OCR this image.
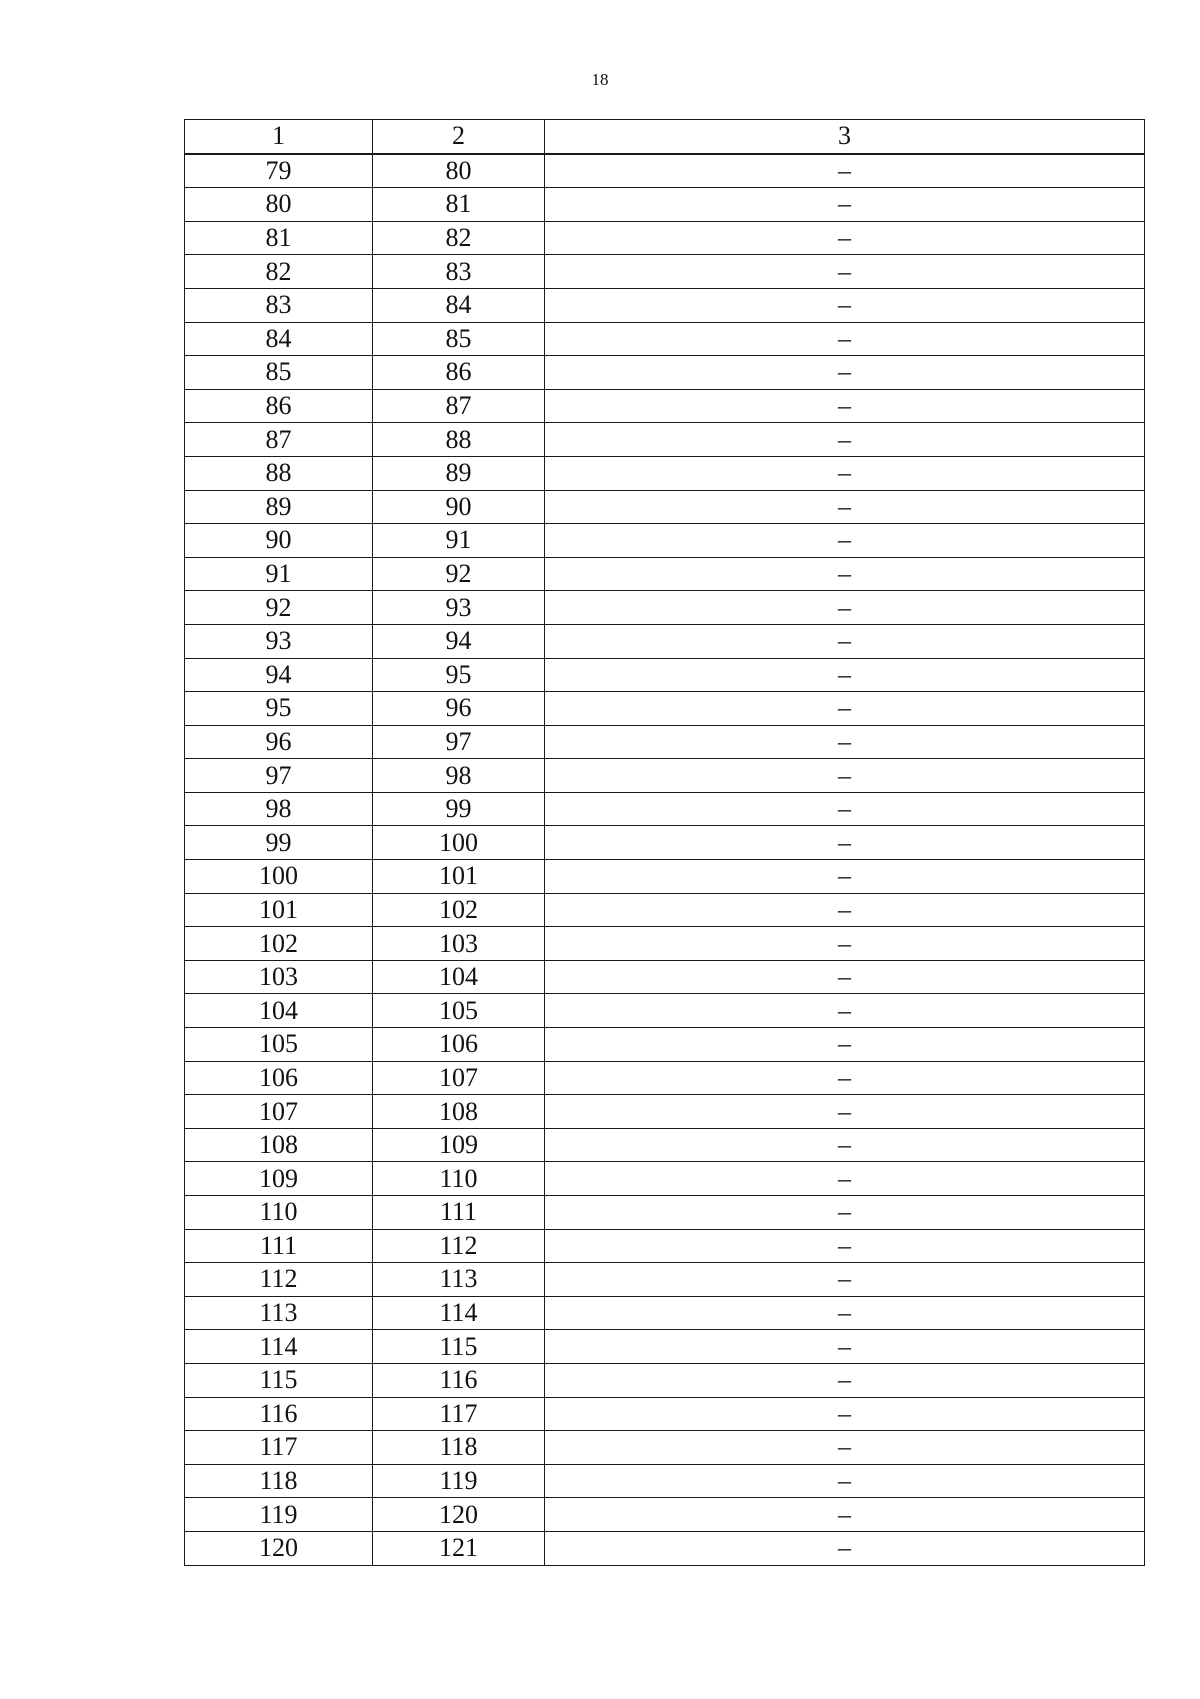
18
1	2	3
79	80	–
80	81	–
81	82	–
82	83	–
83	84	–
84	85	–
85	86	–
86	87	–
87	88	–
88	89	–
89	90	–
90	91	–
91	92	–
92	93	–
93	94	–
94	95	–
95	96	–
96	97	–
97	98	–
98	99	–
99	100	–
100	101	–
101	102	–
102	103	–
103	104	–
104	105	–
105	106	–
106	107	–
107	108	–
108	109	–
109	110	–
110	111	–
111	112	–
112	113	–
113	114	–
114	115	–
115	116	–
116	117	–
117	118	–
118	119	–
119	120	–
120	121	–
